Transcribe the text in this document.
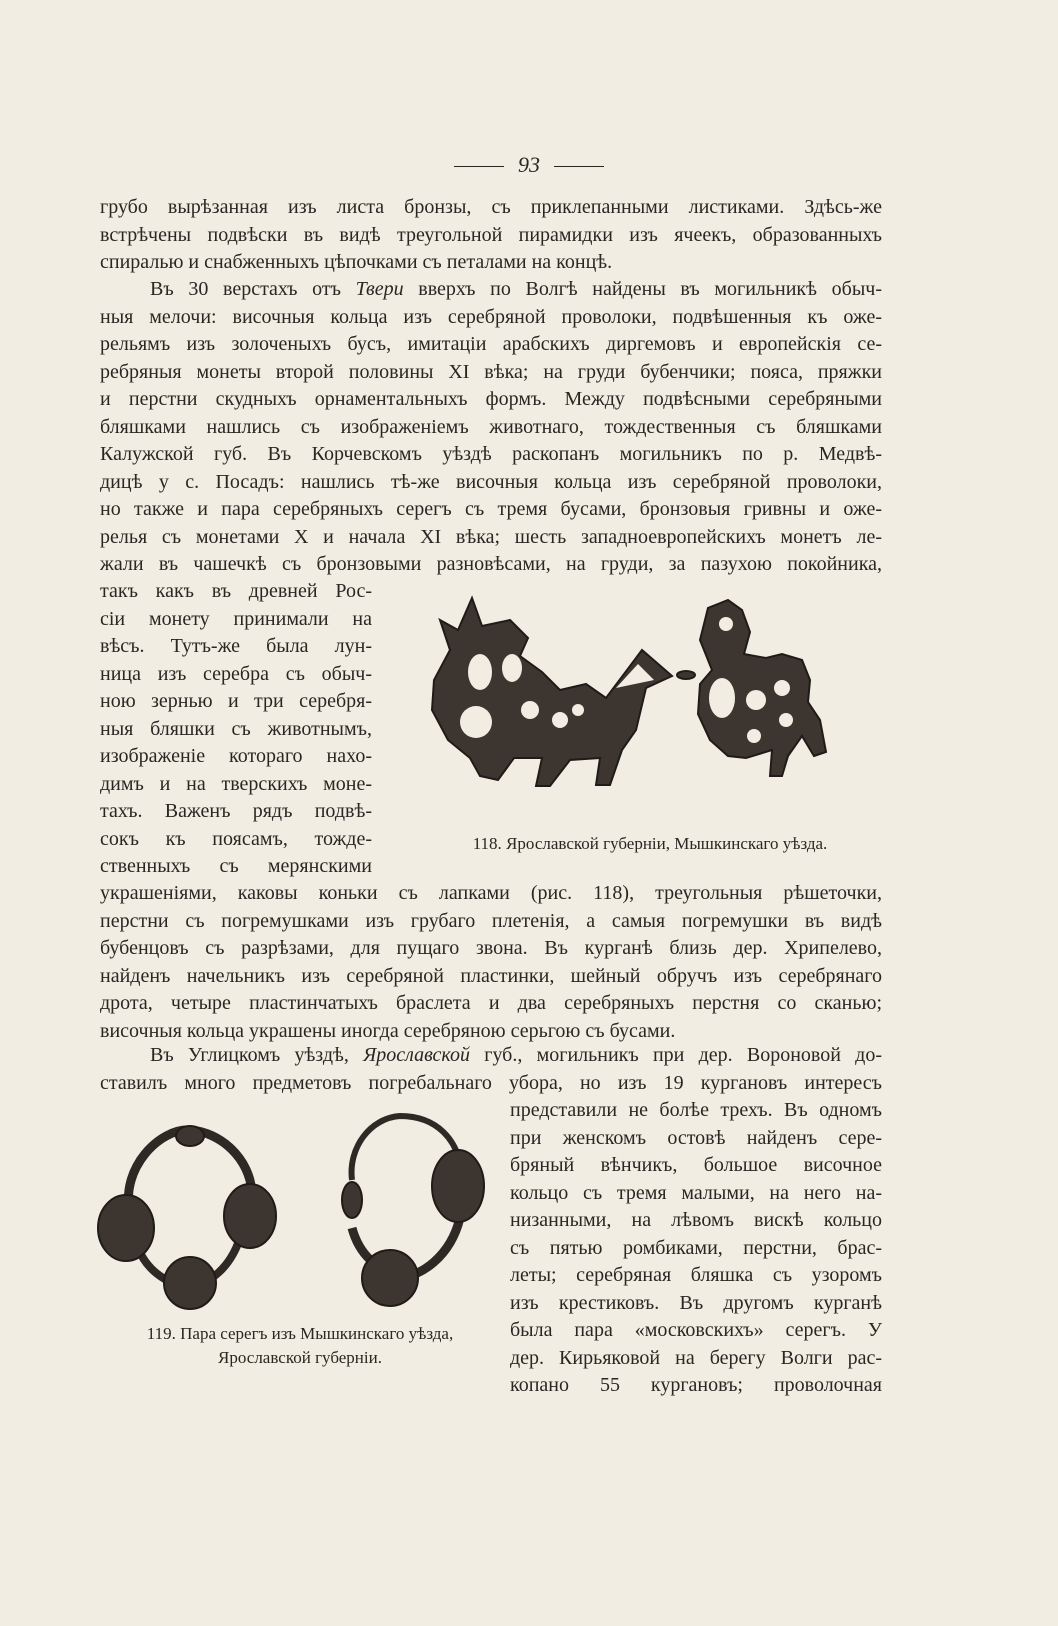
93
грубо вырѣзанная изъ листа бронзы, съ приклепанными листиками. Здѣсь-же
встрѣчены подвѣски въ видѣ треугольной пирамидки изъ ячеекъ, образованныхъ
спиралью и снабженныхъ цѣпочками съ петалами на концѣ.
Въ 30 верстахъ отъ Твери вверхъ по Волгѣ найдены въ могильникѣ обыч-
ныя мелочи: височныя кольца изъ серебряной проволоки, подвѣшенныя къ оже-
рельямъ изъ золоченыхъ бусъ, имитаціи арабскихъ диргемовъ и европейскія се-
ребряныя монеты второй половины XI вѣка; на груди бубенчики; пояса, пряжки
и перстни скудныхъ орнаментальныхъ формъ. Между подвѣсными серебряными
бляшками нашлись съ изображеніемъ животнаго, тождественныя съ бляшками
Калужской губ. Въ Корчевскомъ уѣздѣ раскопанъ могильникъ по р. Медвѣ-
дицѣ у с. Посадъ: нашлись тѣ-же височныя кольца изъ серебряной проволоки,
но также и пара серебряныхъ серегъ съ тремя бусами, бронзовыя гривны и оже-
релья съ монетами X и начала XI вѣка; шесть западноевропейскихъ монетъ ле-
жали въ чашечкѣ съ бронзовыми разновѣсами, на груди, за пазухою покойника,
такъ какъ въ древней Рос-
сіи монету принимали на
вѣсъ. Тутъ-же была лун-
ница изъ серебра съ обыч-
ною зернью и три серебря-
ныя бляшки съ животнымъ,
изображеніе котораго нахо-
димъ и на тверскихъ моне-
тахъ. Важенъ рядъ подвѣ-
сокъ къ поясамъ, тожде-
ственныхъ съ мерянскими
118. Ярославской губерніи, Мышкинскаго уѣзда.
украшеніями, каковы коньки съ лапками (рис. 118), треугольныя рѣшеточки,
перстни съ погремушками изъ грубаго плетенія, а самыя погремушки въ видѣ
бубенцовъ съ разрѣзами, для пущаго звона. Въ курганѣ близь дер. Хрипелево,
найденъ начельникъ изъ серебряной пластинки, шейный обручъ изъ серебрянаго
дрота, четыре пластинчатыхъ браслета и два серебряныхъ перстня со сканью;
височныя кольца украшены иногда серебряною серьгою съ бусами.
Въ Углицкомъ уѣздѣ, Ярославской губ., могильникъ при дер. Вороновой до-
ставилъ много предметовъ погребальнаго убора, но изъ 19 кургановъ интересъ
представили не болѣе трехъ. Въ одномъ
при женскомъ остовѣ найденъ сере-
бряный вѣнчикъ, большое височное
кольцо съ тремя малыми, на него на-
низанными, на лѣвомъ вискѣ кольцо
съ пятью ромбиками, перстни, брас-
леты; серебряная бляшка съ узоромъ
изъ крестиковъ. Въ другомъ курганѣ
была пара «московскихъ» серегъ. У
дер. Кирьяковой на берегу Волги рас-
копано 55 кургановъ; проволочная
119. Пара серегъ изъ Мышкинскаго уѣзда,
Ярославской губерніи.
